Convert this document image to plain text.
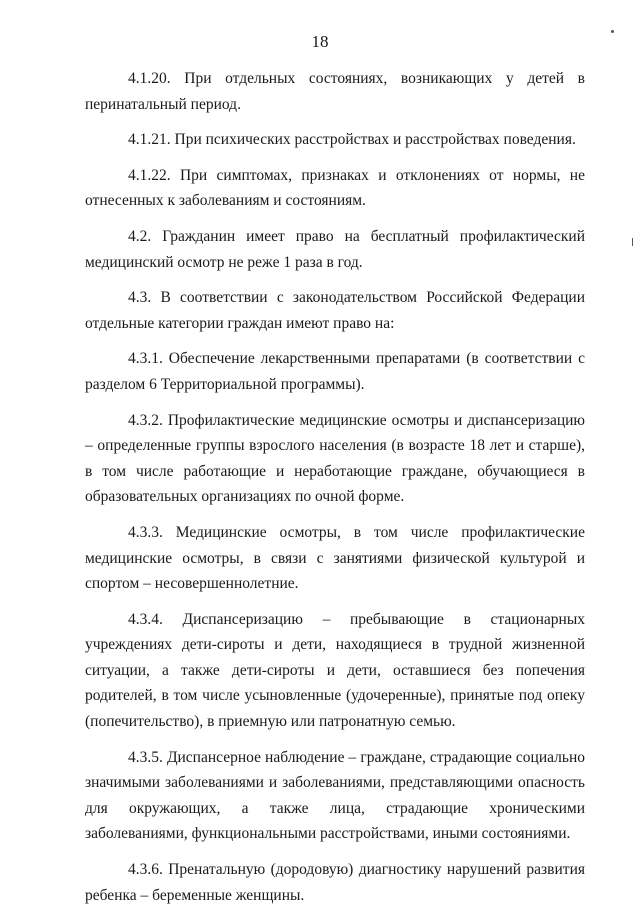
18

4.1.20. При отдельных состояниях, возникающих у детей в перинатальный период.

4.1.21. При психических расстройствах и расстройствах поведения.

4.1.22. При симптомах, признаках и отклонениях от нормы, не отнесенных к заболеваниям и состояниям.

4.2. Гражданин имеет право на бесплатный профилактический медицинский осмотр не реже 1 раза в год.

4.3. В соответствии с законодательством Российской Федерации отдельные категории граждан имеют право на:

4.3.1. Обеспечение лекарственными препаратами (в соответствии с разделом 6 Территориальной программы).

4.3.2. Профилактические медицинские осмотры и диспансеризацию – определенные группы взрослого населения (в возрасте 18 лет и старше), в том числе работающие и неработающие граждане, обучающиеся в образовательных организациях по очной форме.

4.3.3. Медицинские осмотры, в том числе профилактические медицинские осмотры, в связи с занятиями физической культурой и спортом – несовершеннолетние.

4.3.4. Диспансеризацию – пребывающие в стационарных учреждениях дети-сироты и дети, находящиеся в трудной жизненной ситуации, а также дети-сироты и дети, оставшиеся без попечения родителей, в том числе усыновленные (удочеренные), принятые под опеку (попечительство), в приемную или патронатную семью.

4.3.5. Диспансерное наблюдение – граждане, страдающие социально значимыми заболеваниями и заболеваниями, представляющими опасность для окружающих, а также лица, страдающие хроническими заболеваниями, функциональными расстройствами, иными состояниями.

4.3.6. Пренатальную (дородовую) диагностику нарушений развития ребенка – беременные женщины.
